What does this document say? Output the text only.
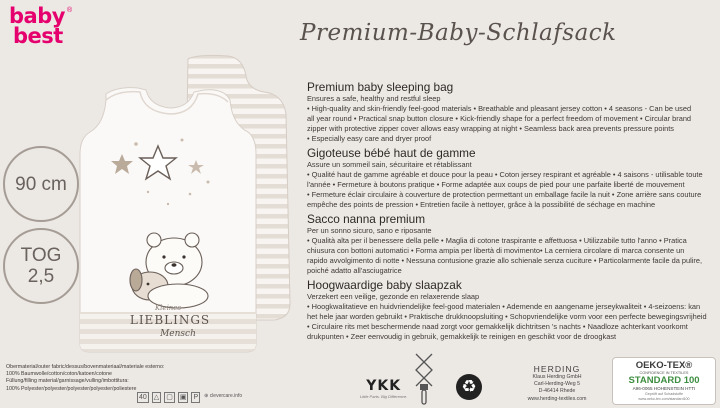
baby
best
®
Premium-Baby-Schlafsack
90 cm
TOG
2,5
Kleines
LIEBLINGS
Mensch
Premium baby sleeping bag

Ensures a safe, healthy and restful sleep

• High-quality and skin-friendly feel-good materials • Breathable and pleasant jersey cotton • 4 seasons - Can be used

all year round • Practical snap button closure • Kick-friendly shape for a perfect freedom of movement • Circular brand

zipper with protective zipper cover allows easy wrapping at night • Seamless back area prevents pressure points

• Especially easy care and dryer proof

Gigoteuse bébé haut de gamme

Assure un sommeil sain, sécuritaire et rétablissant

• Qualité haut de gamme agréable et douce pour la peau • Coton jersey respirant et agréable • 4 saisons - utilisable toute

l'année • Fermeture à boutons pratique • Forme adaptée aux coups de pied pour une parfaite liberté de mouvement

• Fermeture éclair circulaire à couverture de protection permettant un emballage facile la nuit • Zone arrière sans couture

empêche des points de pression • Entretien facile à nettoyer, grâce à la possibilité de séchage en machine

Sacco nanna premium

Per un sonno sicuro, sano e riposante

• Qualità alta per il benessere della pelle • Maglia di cotone traspirante e affettuosa • Utilizzabile tutto l'anno • Pratica

chiusura con bottoni automatici • Forma ampia per libertà di movimento• La cerniera circolare di marca consente un

rapido avvolgimento di notte • Nessuna contusione grazie allo schienale senza cuciture • Particolarmente facile da pulire,

poiché adatto all'asciugatrice

Hoogwaardige baby slaapzak

Verzekert een veilige, gezonde en relaxerende slaap

• Hoogkwalitatieve en huidvriendelijke feel-good materialen • Ademende en aangename jerseykwaliteit • 4-seizoens: kan

het hele jaar worden gebruikt • Praktische drukknoopsluiting • Schopvriendelijke vorm voor een perfecte bewegingsvrijheid

• Circulaire rits met beschermende naad zorgt voor gemakkelijk dichtritsen 's nachts • Naadloze achterkant voorkomt

drukpunten • Zeer eenvoudig in gebruik, gemakkelijk te reinigen en geschikt voor de droogkast

Obermaterial/outer fabric/dessus/bovenmateriaal/materiale esterno:
100% Baumwolle/cotton/coton/katoen/cotone
Füllung/filling material/garnissage/vulling/imbottitura:
100% Polyester/polyester/polyester/polyester/poliestere
40 △ ▢ ▣ P	⊕ clevercare.info
YKK
Little Parts. Big Difference.
♻
HERDING
Klaus Herding GmbH
Carl-Herding-Weg 5
D-46414 Rhede
www.herding-textiles.com
OEKO-TEX®
CONFIDENCE IN TEXTILES
STANDARD 100
A96-0065 HOHENSTEIN HTTI
Geprüft auf Schadstoffe
www.oeko-tex.com/standard100
